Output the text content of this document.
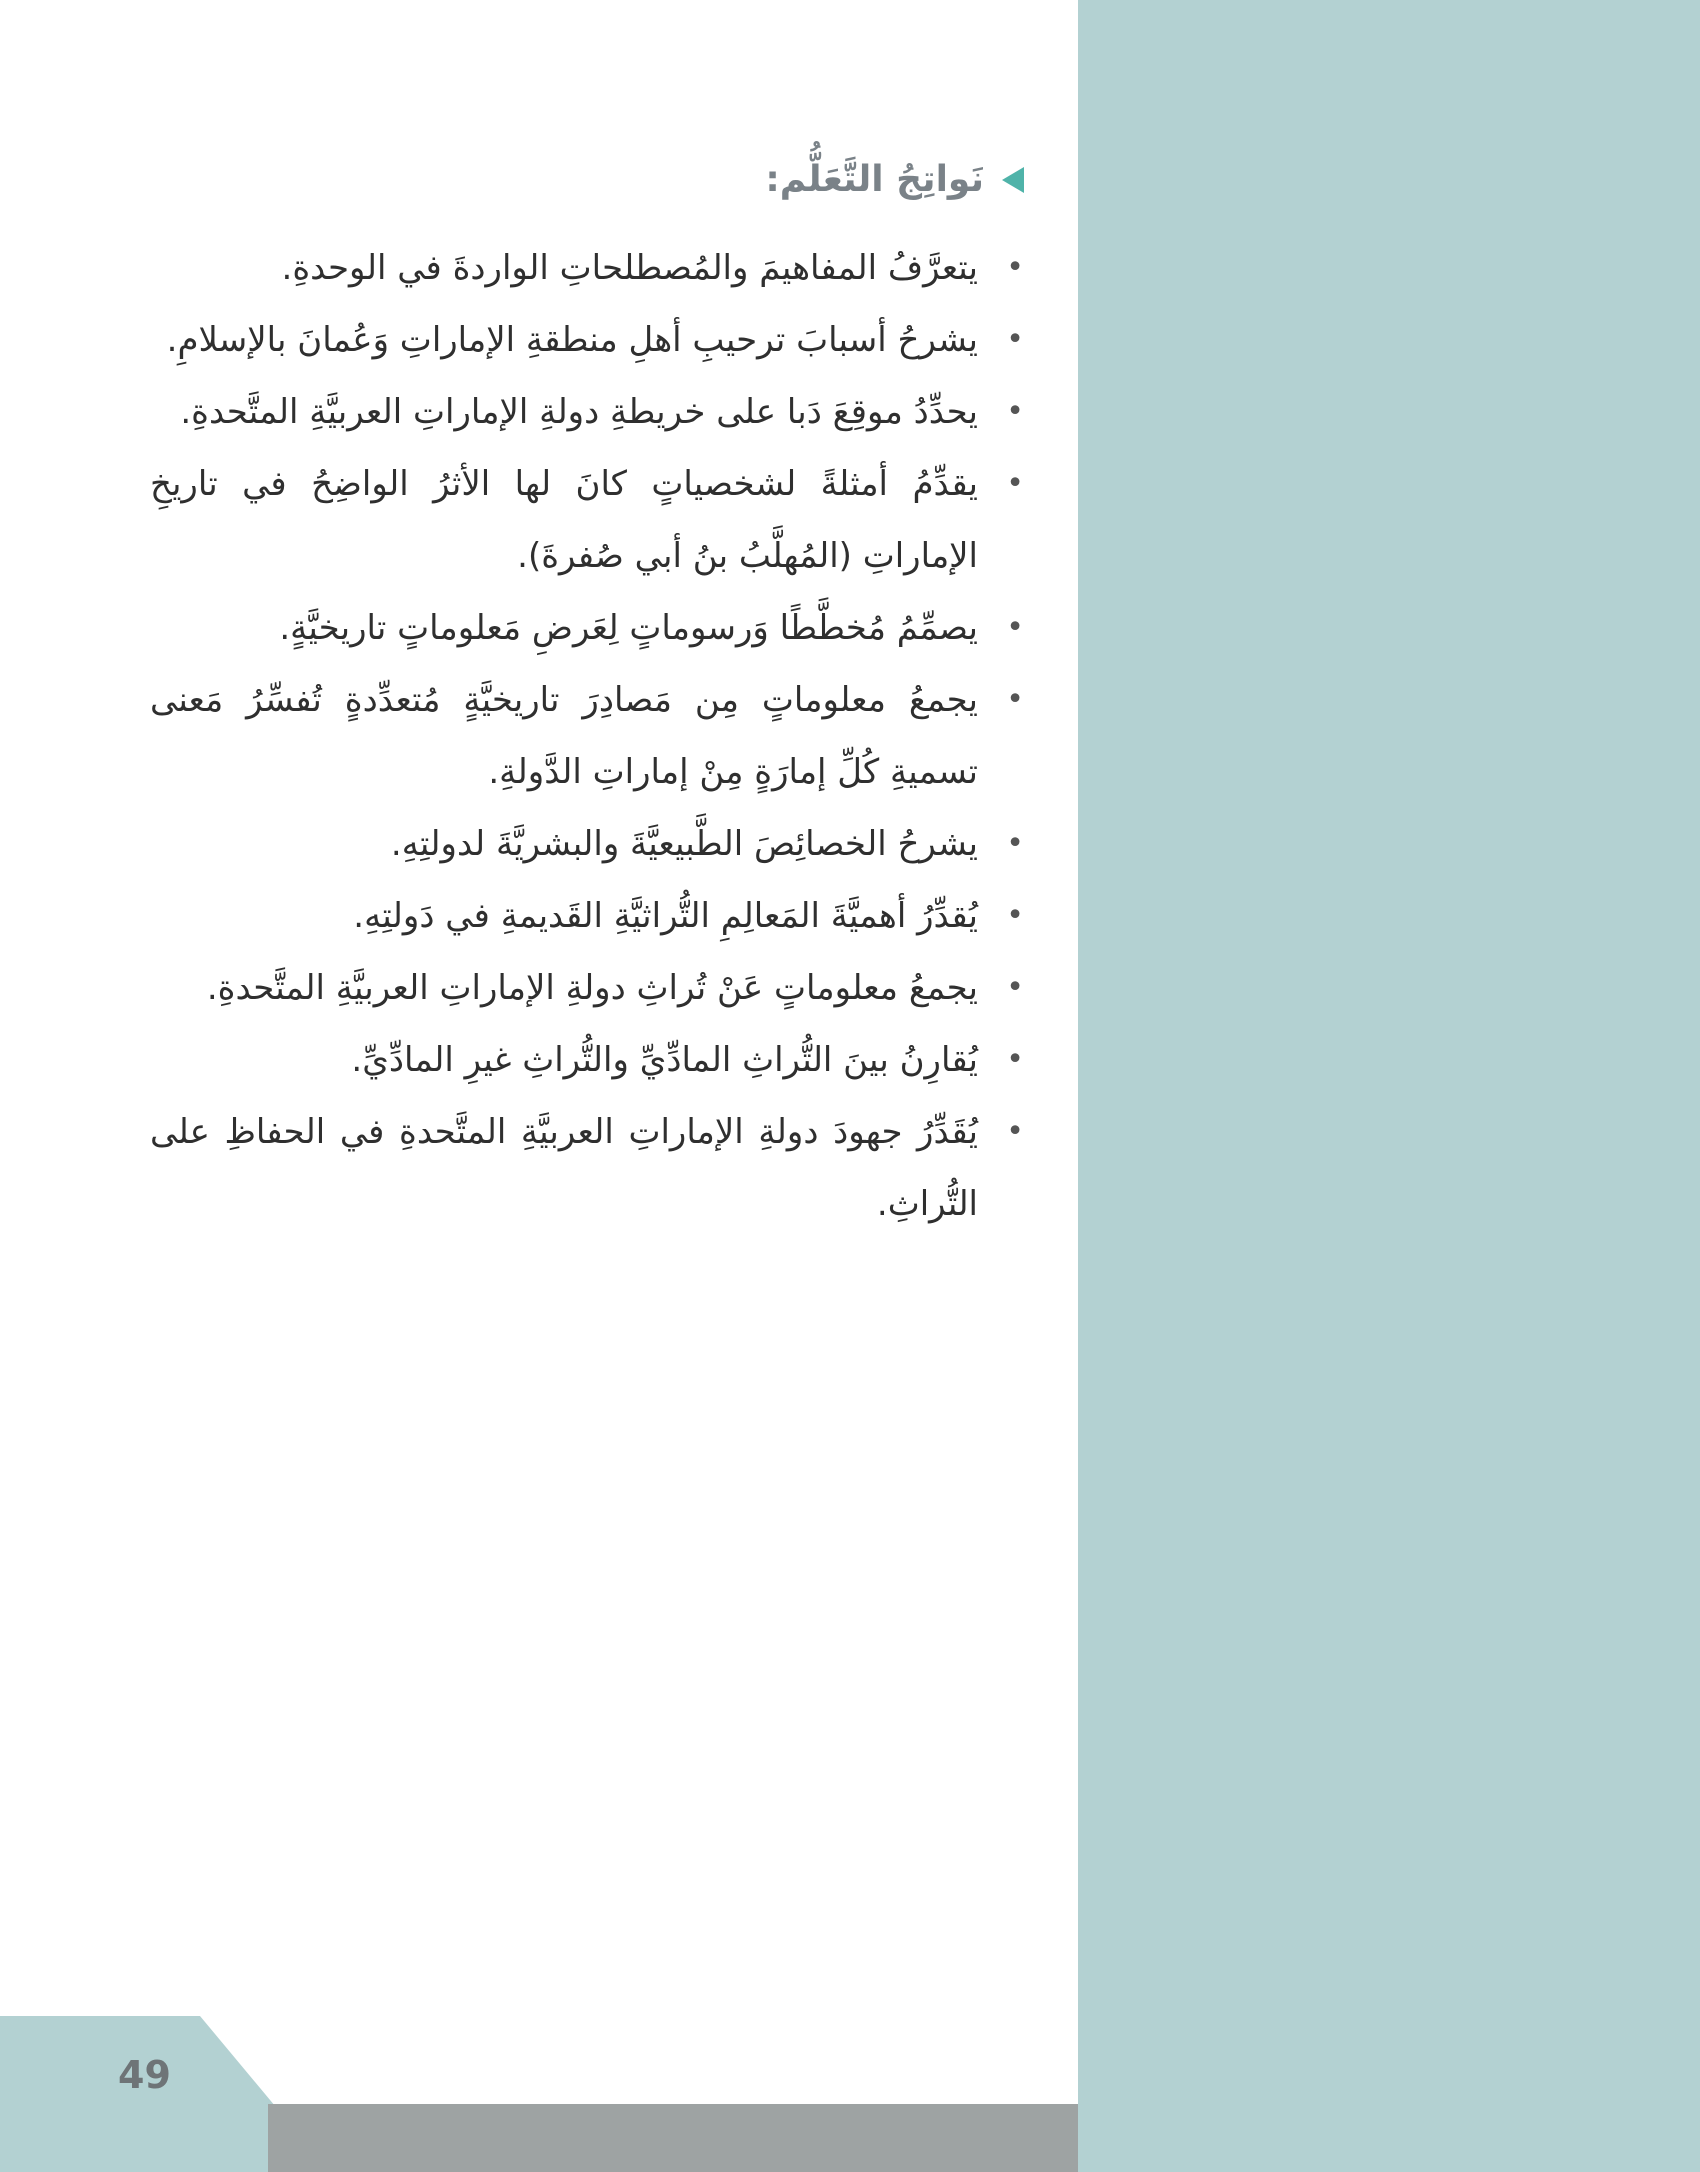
نَواتِجُ التَّعَلُّم:
•
يتعرَّفُ المفاهيمَ والمُصطلحاتِ الواردةَ في الوحدةِ.
•
يشرحُ أسبابَ ترحيبِ أهلِ منطقةِ الإماراتِ وَعُمانَ بالإسلامِ.
•
يحدِّدُ موقِعَ دَبا على خريطةِ دولةِ الإماراتِ العربيَّةِ المتَّحدةِ.
•
يقدِّمُ أمثلةً لشخصياتٍ كانَ لها الأثرُ الواضِحُ في تاريخِ الإماراتِ (المُهلَّبُ بنُ أبي صُفرةَ).
•
يصمِّمُ مُخطَّطًا وَرسوماتٍ لِعَرضِ مَعلوماتٍ تاريخيَّةٍ.
•
يجمعُ معلوماتٍ مِن مَصادِرَ تاريخيَّةٍ مُتعدِّدةٍ تُفسِّرُ مَعنى تسميةِ كُلِّ إمارَةٍ مِنْ إماراتِ الدَّولةِ.
•
يشرحُ الخصائِصَ الطَّبيعيَّةَ والبشريَّةَ لدولتِهِ.
•
يُقدِّرُ أهميَّةَ المَعالِمِ التُّراثيَّةِ القَديمةِ في دَولتِهِ.
•
يجمعُ معلوماتٍ عَنْ تُراثِ دولةِ الإماراتِ العربيَّةِ المتَّحدةِ.
•
يُقارِنُ بينَ التُّراثِ المادِّيِّ والتُّراثِ غيرِ المادِّيِّ.
•
يُقَدِّرُ جهودَ دولةِ الإماراتِ العربيَّةِ المتَّحدةِ في الحفاظِ على التُّراثِ.
49
